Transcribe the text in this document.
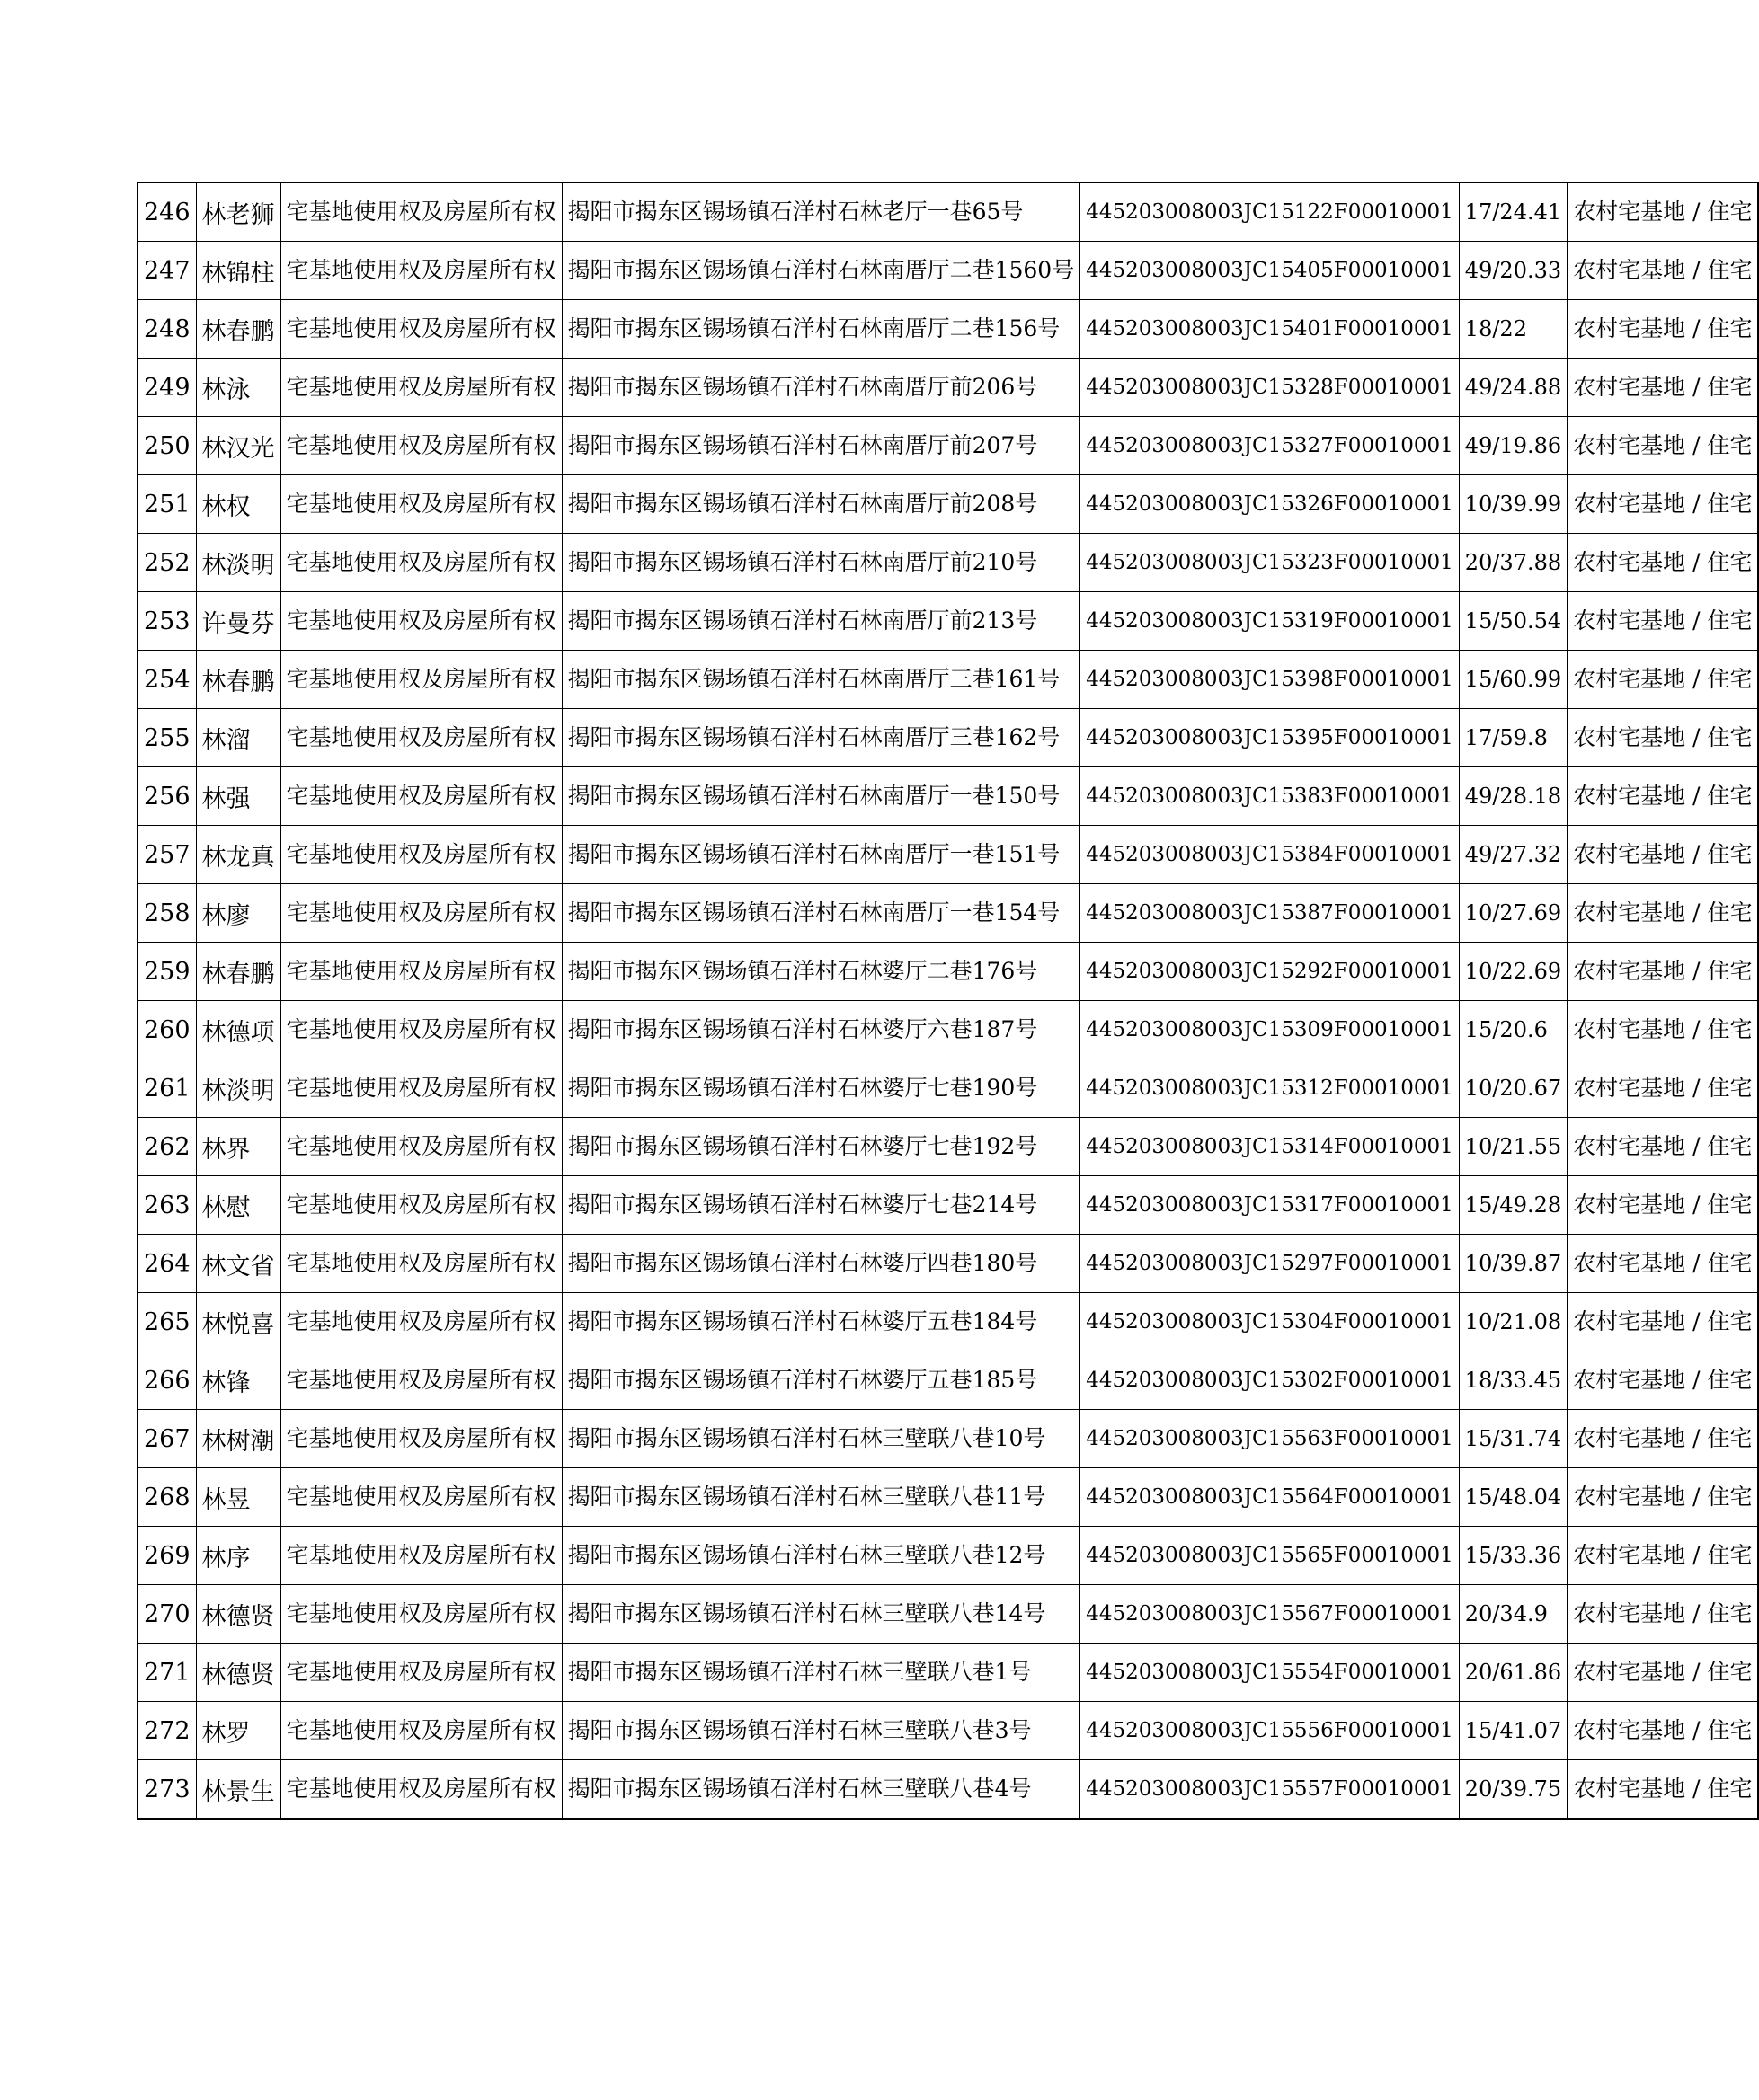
246	林老狮	宅基地使用权及房屋所有权	揭阳市揭东区锡场镇石洋村石林老厅一巷65号	445203008003JC15122F00010001	17/24.41	农村宅基地 / 住宅
247	林锦柱	宅基地使用权及房屋所有权	揭阳市揭东区锡场镇石洋村石林南厝厅二巷1560号	445203008003JC15405F00010001	49/20.33	农村宅基地 / 住宅
248	林春鹏	宅基地使用权及房屋所有权	揭阳市揭东区锡场镇石洋村石林南厝厅二巷156号	445203008003JC15401F00010001	18/22	农村宅基地 / 住宅
249	林泳	宅基地使用权及房屋所有权	揭阳市揭东区锡场镇石洋村石林南厝厅前206号	445203008003JC15328F00010001	49/24.88	农村宅基地 / 住宅
250	林汉光	宅基地使用权及房屋所有权	揭阳市揭东区锡场镇石洋村石林南厝厅前207号	445203008003JC15327F00010001	49/19.86	农村宅基地 / 住宅
251	林权	宅基地使用权及房屋所有权	揭阳市揭东区锡场镇石洋村石林南厝厅前208号	445203008003JC15326F00010001	10/39.99	农村宅基地 / 住宅
252	林淡明	宅基地使用权及房屋所有权	揭阳市揭东区锡场镇石洋村石林南厝厅前210号	445203008003JC15323F00010001	20/37.88	农村宅基地 / 住宅
253	许曼芬	宅基地使用权及房屋所有权	揭阳市揭东区锡场镇石洋村石林南厝厅前213号	445203008003JC15319F00010001	15/50.54	农村宅基地 / 住宅
254	林春鹏	宅基地使用权及房屋所有权	揭阳市揭东区锡场镇石洋村石林南厝厅三巷161号	445203008003JC15398F00010001	15/60.99	农村宅基地 / 住宅
255	林溜	宅基地使用权及房屋所有权	揭阳市揭东区锡场镇石洋村石林南厝厅三巷162号	445203008003JC15395F00010001	17/59.8	农村宅基地 / 住宅
256	林强	宅基地使用权及房屋所有权	揭阳市揭东区锡场镇石洋村石林南厝厅一巷150号	445203008003JC15383F00010001	49/28.18	农村宅基地 / 住宅
257	林龙真	宅基地使用权及房屋所有权	揭阳市揭东区锡场镇石洋村石林南厝厅一巷151号	445203008003JC15384F00010001	49/27.32	农村宅基地 / 住宅
258	林廖	宅基地使用权及房屋所有权	揭阳市揭东区锡场镇石洋村石林南厝厅一巷154号	445203008003JC15387F00010001	10/27.69	农村宅基地 / 住宅
259	林春鹏	宅基地使用权及房屋所有权	揭阳市揭东区锡场镇石洋村石林婆厅二巷176号	445203008003JC15292F00010001	10/22.69	农村宅基地 / 住宅
260	林德项	宅基地使用权及房屋所有权	揭阳市揭东区锡场镇石洋村石林婆厅六巷187号	445203008003JC15309F00010001	15/20.6	农村宅基地 / 住宅
261	林淡明	宅基地使用权及房屋所有权	揭阳市揭东区锡场镇石洋村石林婆厅七巷190号	445203008003JC15312F00010001	10/20.67	农村宅基地 / 住宅
262	林界	宅基地使用权及房屋所有权	揭阳市揭东区锡场镇石洋村石林婆厅七巷192号	445203008003JC15314F00010001	10/21.55	农村宅基地 / 住宅
263	林慰	宅基地使用权及房屋所有权	揭阳市揭东区锡场镇石洋村石林婆厅七巷214号	445203008003JC15317F00010001	15/49.28	农村宅基地 / 住宅
264	林文省	宅基地使用权及房屋所有权	揭阳市揭东区锡场镇石洋村石林婆厅四巷180号	445203008003JC15297F00010001	10/39.87	农村宅基地 / 住宅
265	林悦喜	宅基地使用权及房屋所有权	揭阳市揭东区锡场镇石洋村石林婆厅五巷184号	445203008003JC15304F00010001	10/21.08	农村宅基地 / 住宅
266	林锋	宅基地使用权及房屋所有权	揭阳市揭东区锡场镇石洋村石林婆厅五巷185号	445203008003JC15302F00010001	18/33.45	农村宅基地 / 住宅
267	林树潮	宅基地使用权及房屋所有权	揭阳市揭东区锡场镇石洋村石林三壁联八巷10号	445203008003JC15563F00010001	15/31.74	农村宅基地 / 住宅
268	林昱	宅基地使用权及房屋所有权	揭阳市揭东区锡场镇石洋村石林三壁联八巷11号	445203008003JC15564F00010001	15/48.04	农村宅基地 / 住宅
269	林序	宅基地使用权及房屋所有权	揭阳市揭东区锡场镇石洋村石林三壁联八巷12号	445203008003JC15565F00010001	15/33.36	农村宅基地 / 住宅
270	林德贤	宅基地使用权及房屋所有权	揭阳市揭东区锡场镇石洋村石林三壁联八巷14号	445203008003JC15567F00010001	20/34.9	农村宅基地 / 住宅
271	林德贤	宅基地使用权及房屋所有权	揭阳市揭东区锡场镇石洋村石林三壁联八巷1号	445203008003JC15554F00010001	20/61.86	农村宅基地 / 住宅
272	林罗	宅基地使用权及房屋所有权	揭阳市揭东区锡场镇石洋村石林三壁联八巷3号	445203008003JC15556F00010001	15/41.07	农村宅基地 / 住宅
273	林景生	宅基地使用权及房屋所有权	揭阳市揭东区锡场镇石洋村石林三壁联八巷4号	445203008003JC15557F00010001	20/39.75	农村宅基地 / 住宅
